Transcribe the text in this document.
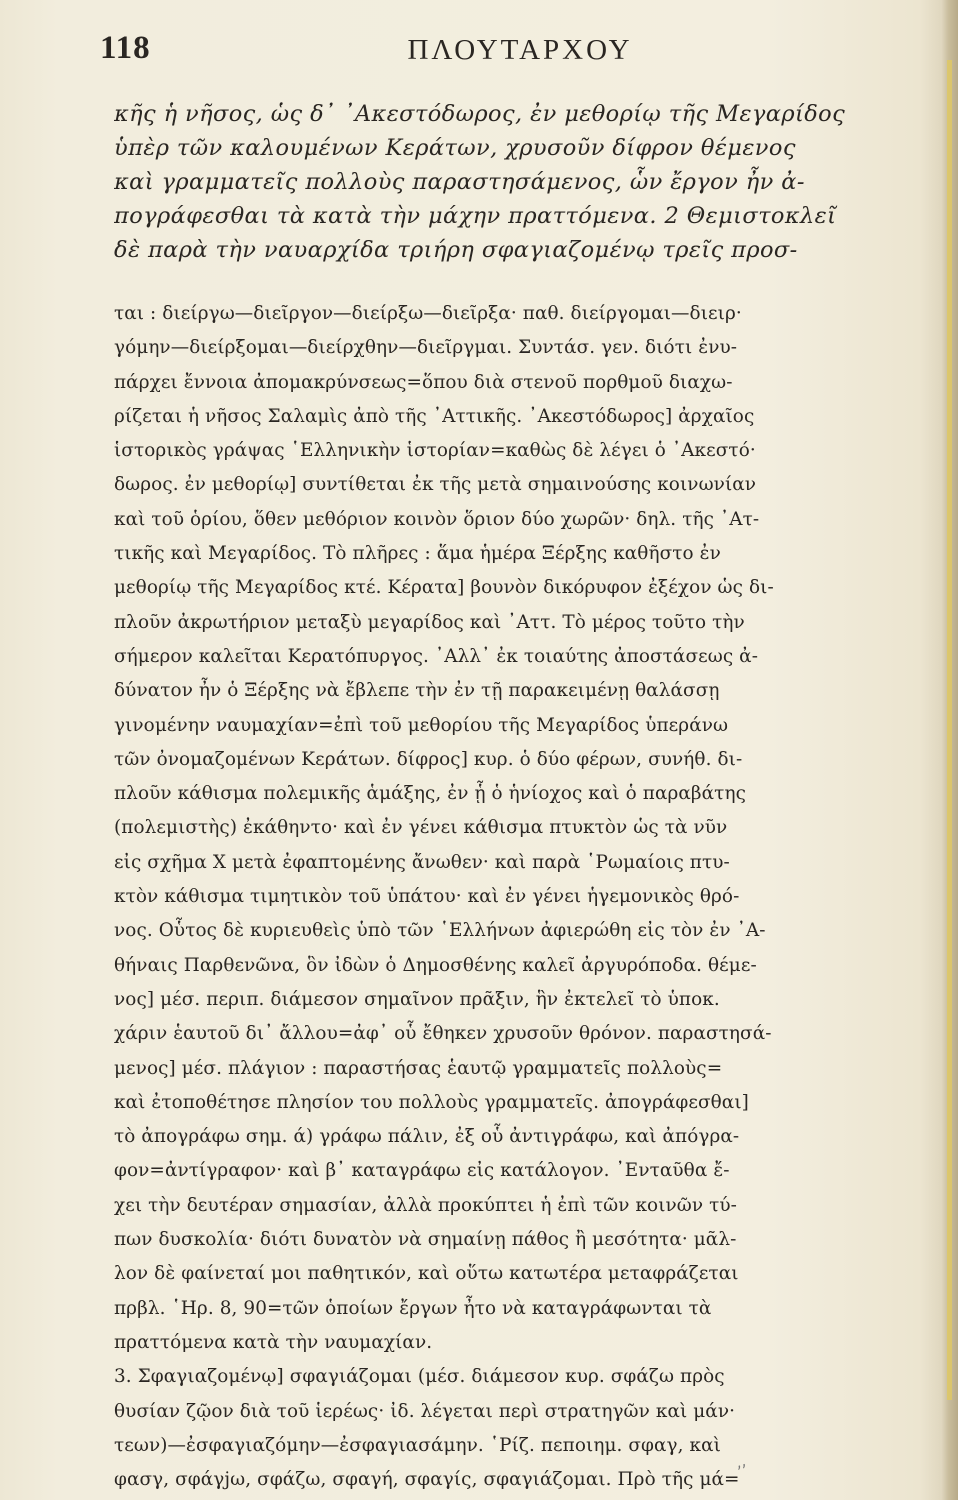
118	ΠΛΟΥΤΑΡΧΟΥ
κῆς ἡ νῆσος, ὡς δ᾽ ᾽Ακεστόδωρος, ἐν μεθορίῳ τῆς Μεγαρίδος
ὑπὲρ τῶν καλουμένων Κεράτων, χρυσοῦν δίφρον θέμενος
καὶ γραμματεῖς πολλοὺς παραστησάμενος, ὧν ἔργον ἦν ἀ-
πογράφεσθαι τὰ κατὰ τὴν μάχην πραττόμενα. 2 Θεμιστοκλεῖ
δὲ παρὰ τὴν ναυαρχίδα τριήρη σφαγιαζομένῳ τρεῖς προσ-
ται : διείργω—διεῖργον—διείρξω—διεῖρξα· παθ. διείργομαι—διειρ·
γόμην—διείρξομαι—διείρχθην—διεῖργμαι. Συντάσ. γεν. διότι ἐνυ-
πάρχει ἔννοια ἀπομακρύνσεως=ὅπου διὰ στενοῦ πορθμοῦ διαχω-
ρίζεται ἡ νῆσος Σαλαμὶς ἀπὸ τῆς ᾽Αττικῆς. ᾽Ακεστόδωρος] ἀρχαῖος
ἱστορικὸς γράψας ῾Ελληνικὴν ἱστορίαν=καθὼς δὲ λέγει ὁ ᾽Ακεστό·
δωρος. ἐν μεθορίῳ] συντίθεται ἐκ τῆς μετὰ σημαινούσης κοινωνίαν
καὶ τοῦ ὁρίου, ὅθεν μεθόριον κοινὸν ὅριον δύο χωρῶν· δηλ. τῆς ᾽Ατ-
τικῆς καὶ Μεγαρίδος. Τὸ πλῆρες : ἅμα ἡμέρα Ξέρξης καθῆστο ἐν
μεθορίῳ τῆς Μεγαρίδος κτέ. Κέρατα] βουνὸν δικόρυφον ἐξέχον ὡς δι-
πλοῦν ἀκρωτήριον μεταξὺ μεγαρίδος καὶ ᾽Αττ. Τὸ μέρος τοῦτο τὴν
σήμερον καλεῖται Κερατόπυργος. ᾽Αλλ᾽ ἐκ τοιαύτης ἀποστάσεως ἀ-
δύνατον ἦν ὁ Ξέρξης νὰ ἔβλεπε τὴν ἐν τῇ παρακειμένῃ θαλάσσῃ
γινομένην ναυμαχίαν=ἐπὶ τοῦ μεθορίου τῆς Μεγαρίδος ὑπεράνω
τῶν ὀνομαζομένων Κεράτων. δίφρος] κυρ. ὁ δύο φέρων, συνήθ. δι-
πλοῦν κάθισμα πολεμικῆς ἁμάξης, ἐν ᾗ ὁ ἡνίοχος καὶ ὁ παραβάτης
(πολεμιστὴς) ἐκάθηντο· καὶ ἐν γένει κάθισμα πτυκτὸν ὡς τὰ νῦν
εἰς σχῆμα Χ μετὰ ἐφαπτομένης ἄνωθεν· καὶ παρὰ ῾Ρωμαίοις πτυ-
κτὸν κάθισμα τιμητικὸν τοῦ ὑπάτου· καὶ ἐν γένει ἡγεμονικὸς θρό-
νος. Οὗτος δὲ κυριευθεὶς ὑπὸ τῶν ῾Ελλήνων ἀφιερώθη εἰς τὸν ἐν ᾽Α-
θήναις Παρθενῶνα, ὃν ἰδὼν ὁ Δημοσθένης καλεῖ ἀργυρόποδα. θέμε-
νος] μέσ. περιπ. διάμεσον σημαῖνον πρᾶξιν, ἣν ἐκτελεῖ τὸ ὑποκ.
χάριν ἑαυτοῦ δι᾽ ἄλλου=ἀφ᾽ οὗ ἔθηκεν χρυσοῦν θρόνον. παραστησά-
μενος] μέσ. πλάγιον : παραστήσας ἑαυτῷ γραμματεῖς πολλοὺς=
καὶ ἐτοποθέτησε πλησίον του πολλοὺς γραμματεῖς. ἀπογράφεσθαι]
τὸ ἀπογράφω σημ. ά) γράφω πάλιν, ἐξ οὗ ἀντιγράφω, καὶ ἀπόγρα-
φον=ἀντίγραφον· καὶ β᾽ καταγράφω εἰς κατάλογον. ᾽Ενταῦθα ἔ-
χει τὴν δευτέραν σημασίαν, ἀλλὰ προκύπτει ἡ ἐπὶ τῶν κοινῶν τύ-
πων δυσκολία· διότι δυνατὸν νὰ σημαίνῃ πάθος ἢ μεσότητα· μᾶλ-
λον δὲ φαίνεταί μοι παθητικόν, καὶ οὕτω κατωτέρα μεταφράζεται
πρβλ. ῾Ηρ. 8, 90=τῶν ὁποίων ἔργων ἦτο νὰ καταγράφωνται τὰ
πραττόμενα κατὰ τὴν ναυμαχίαν.
3. Σφαγιαζομένῳ] σφαγιάζομαι (μέσ. διάμεσον κυρ. σφάζω πρὸς
θυσίαν ζῷον διὰ τοῦ ἱερέως· ἰδ. λέγεται περὶ στρατηγῶν καὶ μάν·
τεων)—ἐσφαγιαζόμην—ἐσφαγιασάμην. ῾Ρίζ. πεποιημ. σφαγ, καὶ
φασγ, σφάγjω, σφάζω, σφαγή, σφαγίς, σφαγιάζομαι. Πρὸ τῆς μά=
‚‚
